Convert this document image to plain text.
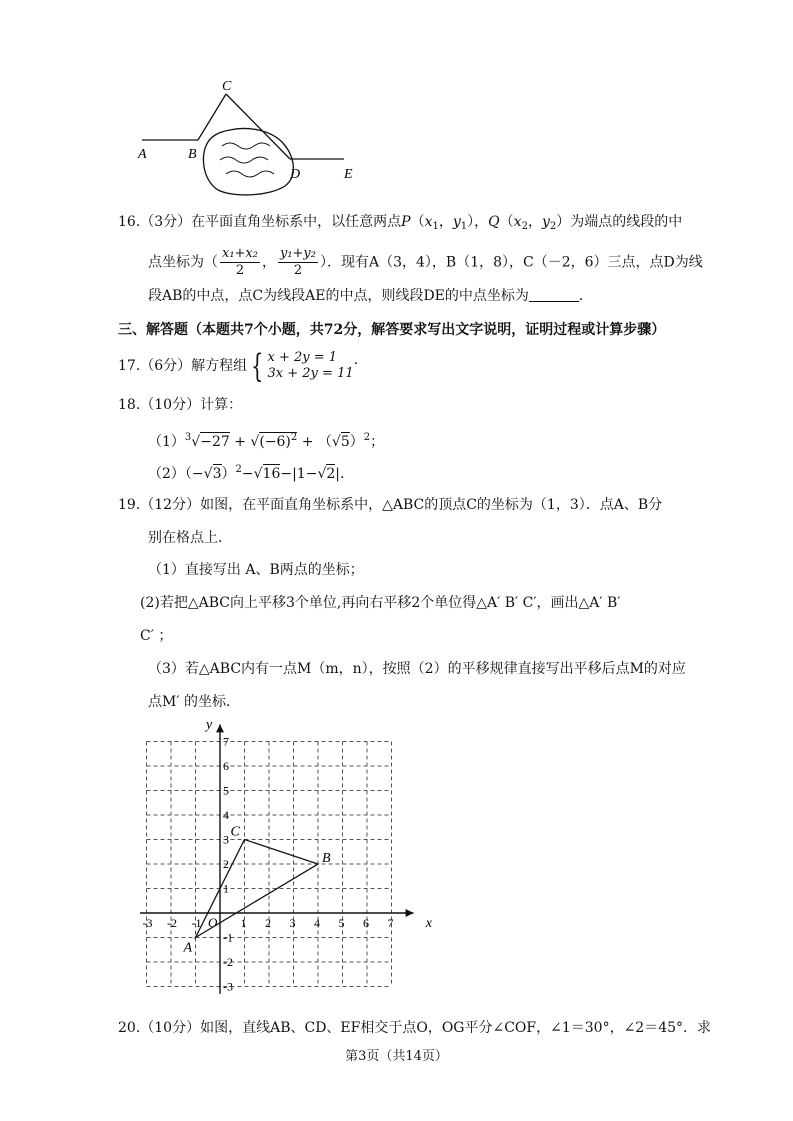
C
A	B
D	E
16.（3分）在平面直角坐标系中，以任意两点$P(x_1$，$y_1$），$Q(x_2$，$y_2$）为端点的线段的中
点坐标为（ $\frac{\text{x₁+x₂}}{2}$ ， $\frac{\text{y₁+y₂}}{2}$ ）．现有A（3，4），B（1，8），C（－2，6）三点，点D为线
段AB的中点，点C为线段AE的中点，则线段DE的中点坐标为	．
三、解答题（本题共7个小题，共72分，解答要求写出文字说明，证明过程或计算步骤）
17.（6分）解方程组 { x + 2y = 1
3x + 2y = 11
.
18.（10分）计算：
$(1)^3√-27 + √(-6)^2 + (√5)^2$；
$(2)(-√3)^2-√16-|1-√2|$.
19.（12分）如图，在平面直角坐标系中，△ABC的顶点C的坐标为（1，3）．点A、B分
别在格点上．
（1）直接写出 A、B两点的坐标；
(2)若把△ABC向上平移3个单位,再向右平移2个单位得△A′ B′ C′，画出△A′ B′
C′ ；
（3）若△ABC内有一点M（m，n），按照（2）的平移规律直接写出平移后点M的对应
点M′ 的坐标．
x
y
O
-3 -2 -1	1 2 3 4 5 6 7
7
6
5
4
3
2
1
-1
-2
-3
A
B
C
20.（10分）如图，直线AB、CD、EF相交于点O，OG平分∠COF，∠1＝30°，∠2＝45°．求
第3页（共14页）
